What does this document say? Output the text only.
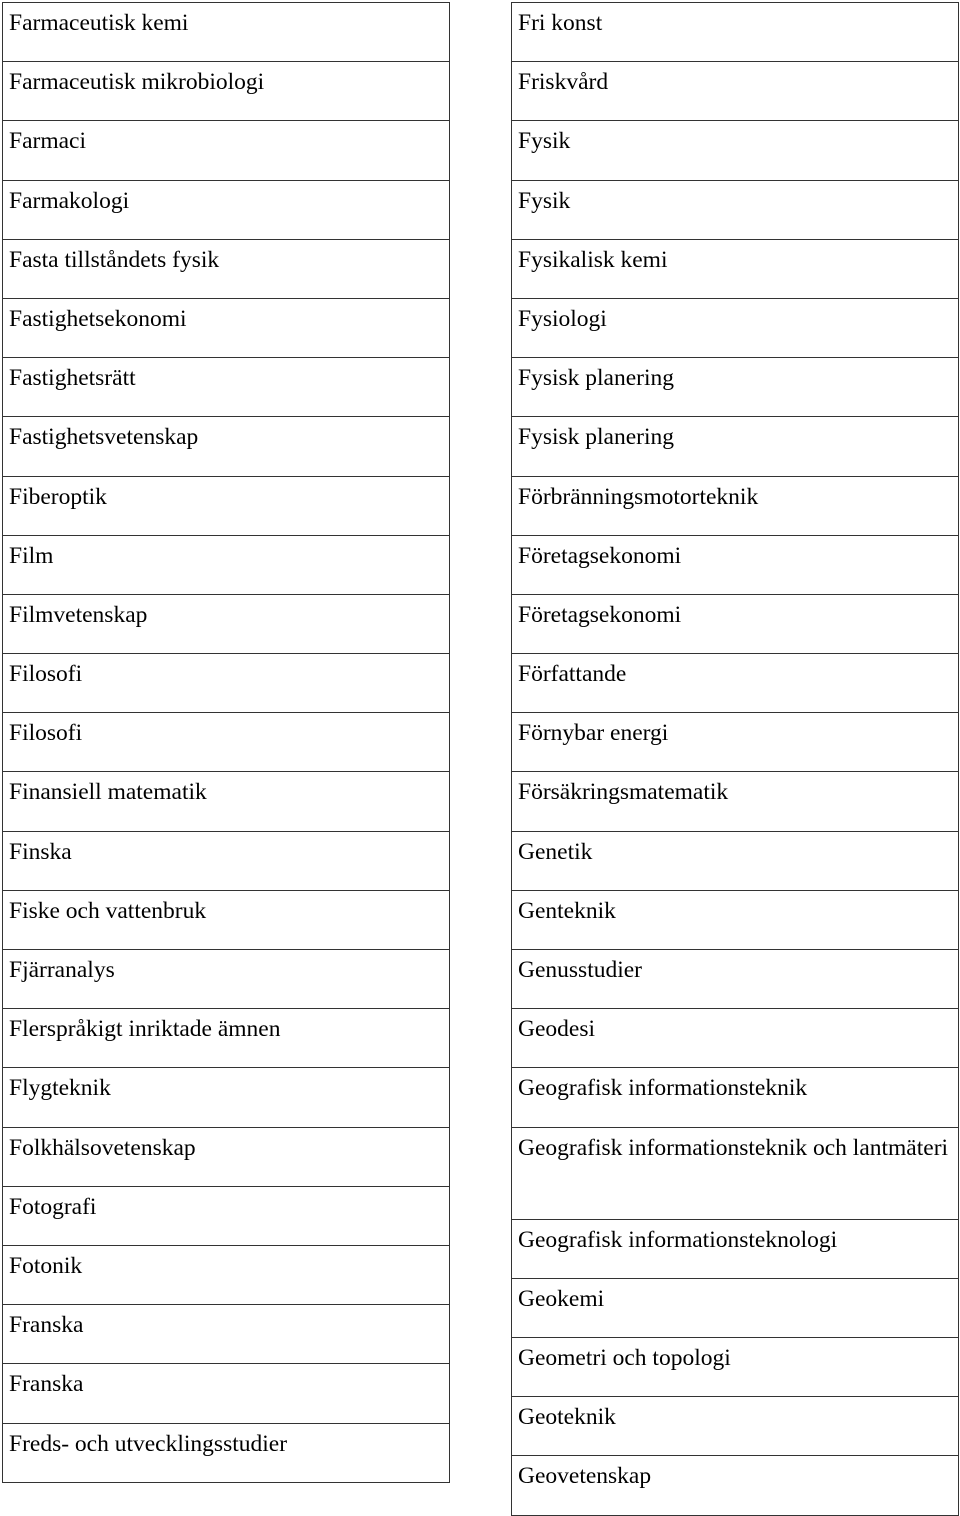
Farmaceutisk kemi
Farmaceutisk mikrobiologi
Farmaci
Farmakologi
Fasta tillståndets fysik
Fastighetsekonomi
Fastighetsrätt
Fastighetsvetenskap
Fiberoptik
Film
Filmvetenskap
Filosofi
Filosofi
Finansiell matematik
Finska
Fiske och vattenbruk
Fjärranalys
Flerspråkigt inriktade ämnen
Flygteknik
Folkhälsovetenskap
Fotografi
Fotonik
Franska
Franska
Freds- och utvecklingsstudier
Fri konst
Friskvård
Fysik
Fysik
Fysikalisk kemi
Fysiologi
Fysisk planering
Fysisk planering
Förbränningsmotorteknik
Företagsekonomi
Företagsekonomi
Författande
Förnybar energi
Försäkringsmatematik
Genetik
Genteknik
Genusstudier
Geodesi
Geografisk informationsteknik
Geografisk informationsteknik och lantmäteri
Geografisk informationsteknologi
Geokemi
Geometri och topologi
Geoteknik
Geovetenskap
